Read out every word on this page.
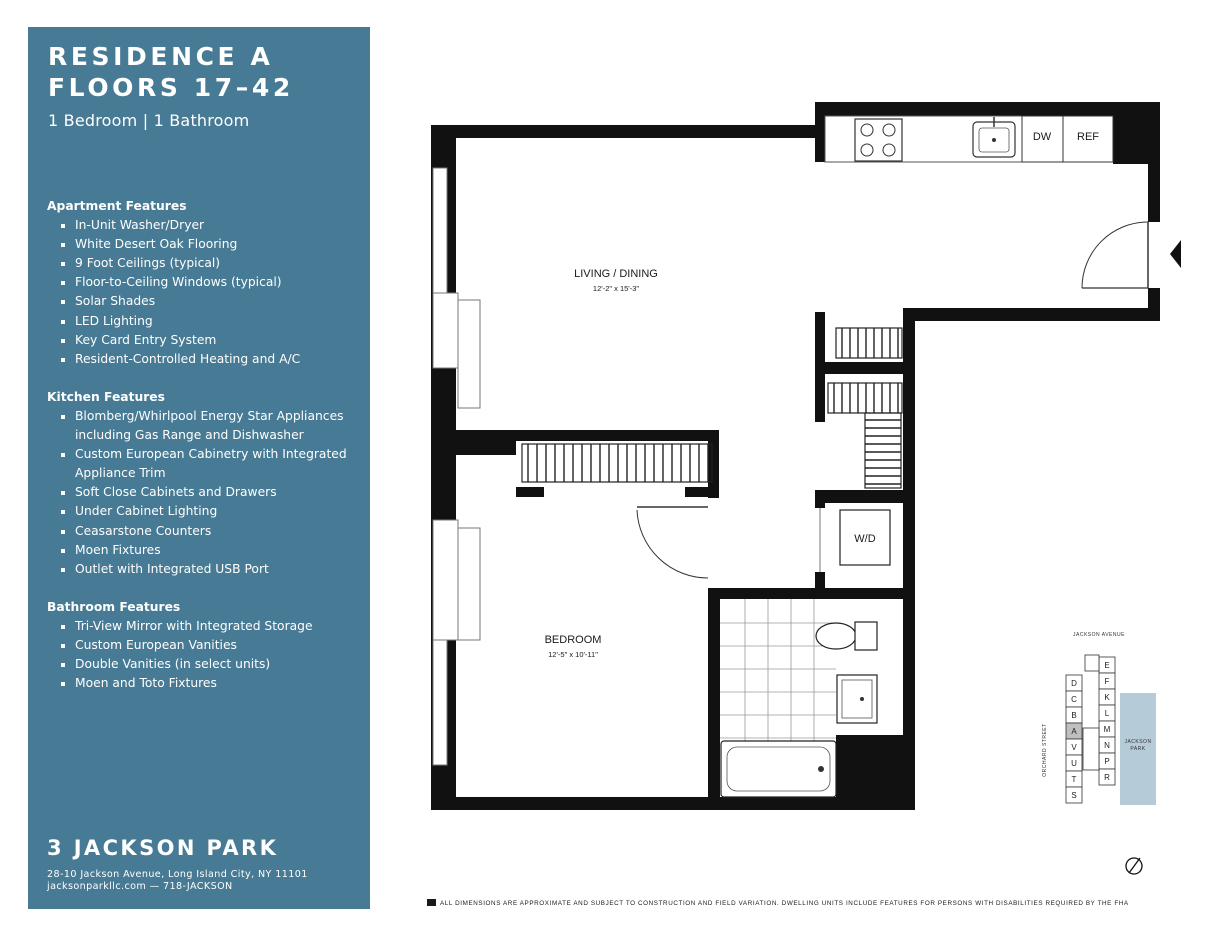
RESIDENCE A
FLOORS 17–42
1 Bedroom | 1 Bathroom
Apartment Features
In-Unit Washer/Dryer
White Desert Oak Flooring
9 Foot Ceilings (typical)
Floor-to-Ceiling Windows (typical)
Solar Shades
LED Lighting
Key Card Entry System
Resident-Controlled Heating and A/C
Kitchen Features
Blomberg/Whirlpool Energy Star Appliances including Gas Range and Dishwasher
Custom European Cabinetry with Integrated Appliance Trim
Soft Close Cabinets and Drawers
Under Cabinet Lighting
Ceasarstone Counters
Moen Fixtures
Outlet with Integrated USB Port
Bathroom Features
Tri-View Mirror with Integrated Storage
Custom European Vanities
Double Vanities (in select units)
Moen and Toto Fixtures
3 JACKSON PARK
28-10 Jackson Avenue, Long Island City, NY 11101
jacksonparkllc.com — 718-JACKSON
DW REF
W/D
LIVING / DINING
12'-2" x 15'-3"
BEDROOM
12'-5" x 10'-11"
JACKSON AVENUE
ORCHARD STREET	JACKSON
PARK
D
C
B
A
V
U
T
S
E
F
K
L
M
N
P
R
ALL DIMENSIONS ARE APPROXIMATE AND SUBJECT TO CONSTRUCTION AND FIELD VARIATION. DWELLING UNITS INCLUDE FEATURES FOR PERSONS WITH DISABILITIES REQUIRED BY THE FHA
